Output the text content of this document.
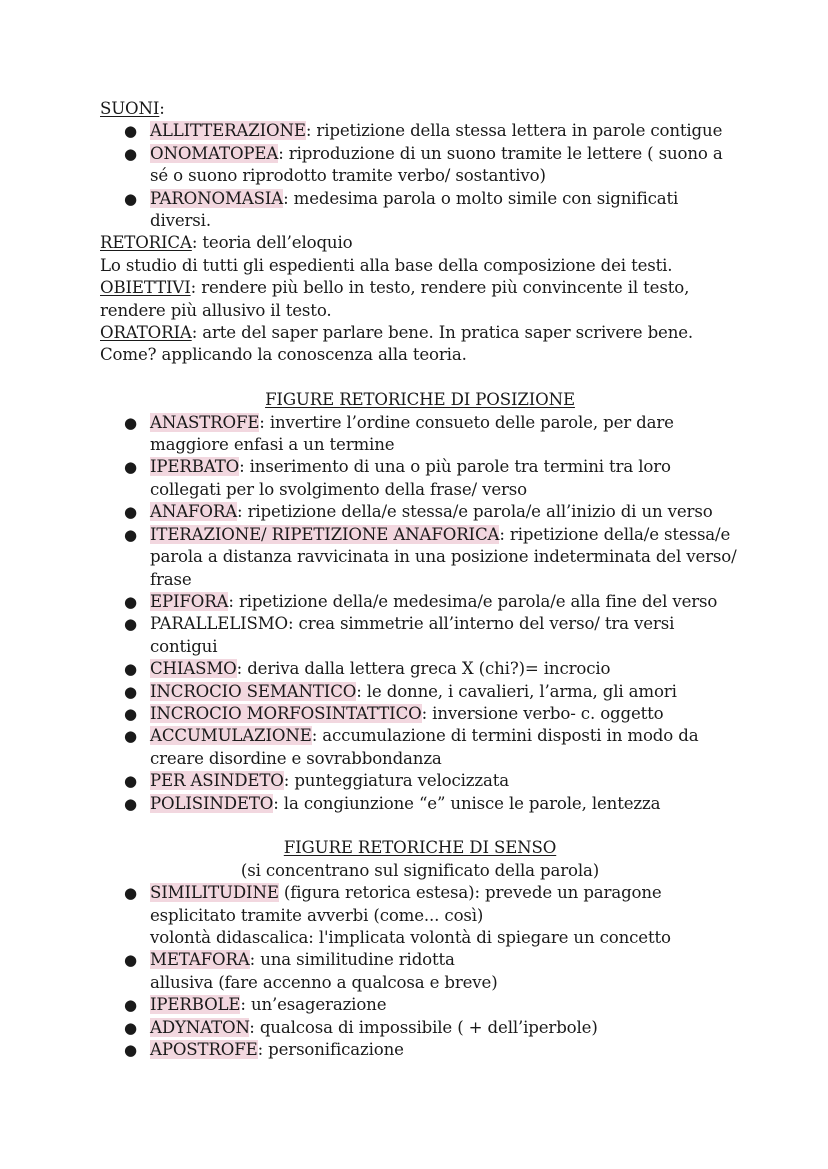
SUONI:

● ALLITTERAZIONE: ripetizione della stessa lettera in parole contigue
● ONOMATOPEA: riproduzione di un suono tramite le lettere ( suono a sé o suono riprodotto tramite verbo/ sostantivo)
● PARONOMASIA: medesima parola o molto simile con significati diversi.

RETORICA: teoria dell’eloquio

Lo studio di tutti gli espedienti alla base della composizione dei testi.

OBIETTIVI: rendere più bello in testo, rendere più convincente il testo,

rendere più allusivo il testo.

ORATORIA: arte del saper parlare bene. In pratica saper scrivere bene.

Come? applicando la conoscenza alla teoria.

FIGURE RETORICHE DI POSIZIONE

● ANASTROFE: invertire l’ordine consueto delle parole, per dare maggiore enfasi a un termine
● IPERBATO: inserimento di una o più parole tra termini tra loro collegati per lo svolgimento della frase/ verso
● ANAFORA: ripetizione della/e stessa/e parola/e all’inizio di un verso
● ITERAZIONE/ RIPETIZIONE ANAFORICA: ripetizione della/e stessa/e parola a distanza ravvicinata in una posizione indeterminata del verso/ frase
● EPIFORA: ripetizione della/e medesima/e parola/e alla fine del verso
● PARALLELISMO: crea simmetrie all’interno del verso/ tra versi contigui
● CHIASMO: deriva dalla lettera greca X (chi?)= incrocio
● INCROCIO SEMANTICO: le donne, i cavalieri, l’arma, gli amori
● INCROCIO MORFOSINTATTICO: inversione verbo- c. oggetto
● ACCUMULAZIONE: accumulazione di termini disposti in modo da creare disordine e sovrabbondanza
● PER ASINDETO: punteggiatura velocizzata
● POLISINDETO: la congiunzione “e” unisce le parole, lentezza

FIGURE RETORICHE DI SENSO

(si concentrano sul significato della parola)

● SIMILITUDINE (figura retorica estesa): prevede un paragone esplicitato tramite avverbi (come... così)
volontà didascalica: l'implicata volontà di spiegare un concetto
● METAFORA: una similitudine ridotta
allusiva (fare accenno a qualcosa e breve)
● IPERBOLE: un’esagerazione
● ADYNATON: qualcosa di impossibile ( + dell’iperbole)
● APOSTROFE: personificazione
